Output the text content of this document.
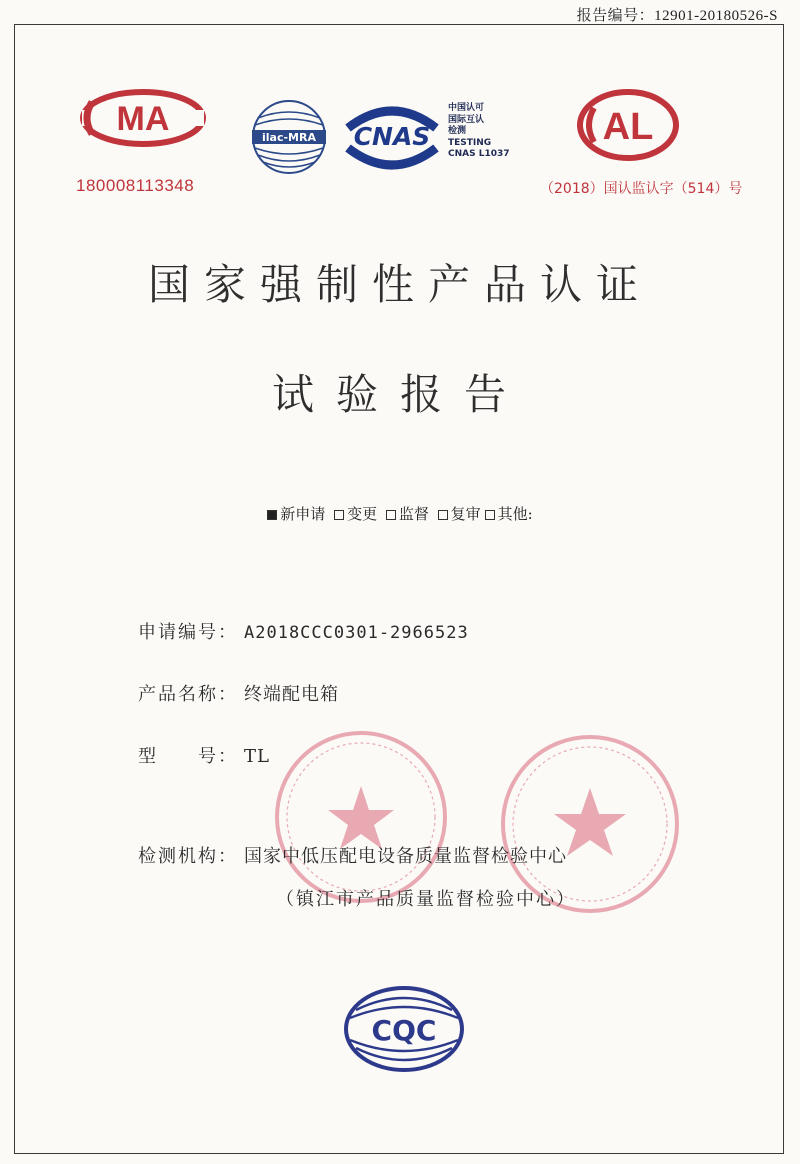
报告编号：12901-20180526-S
MA
180008113348
ilac-MRA CNAS
中国认可
国际互认
检测
TESTING
CNAS L1037
AL
（2018）国认监认字（514）号
国家强制性产品认证
试验报告
新申请 变更 监督 复审 其他:
申请编号： A2018CCC0301-2966523
产品名称： 终端配电箱
型　　号： TL
检测机构： 国家中低压配电设备质量监督检验中心
（镇江市产品质量监督检验中心）
CQC
